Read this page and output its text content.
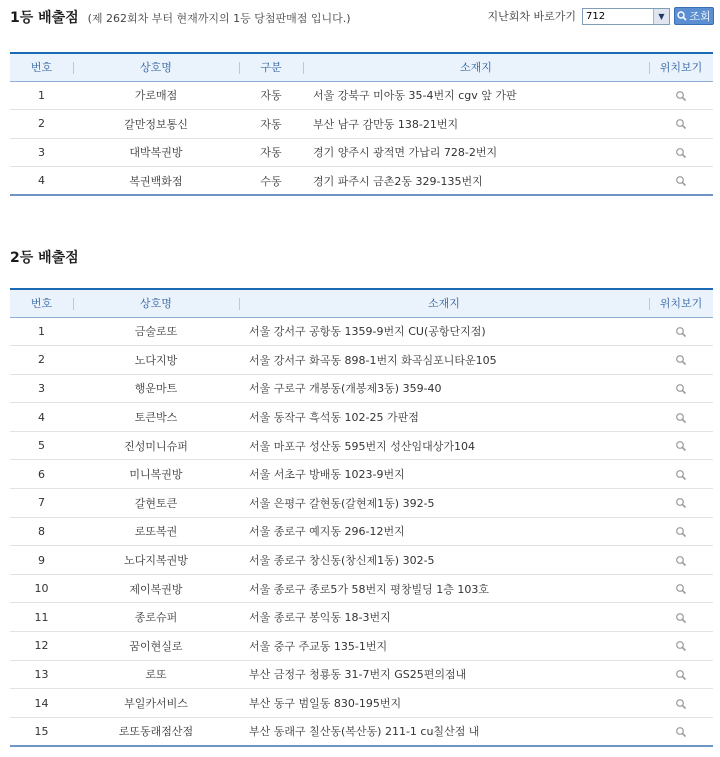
1등 배출점 (제 262회차 부터 현재까지의 1등 당첨판매점 입니다.)	지난회차 바로가기	712	▼	조회
번호	상호명	구분	소재지	위치보기
1	가로매점	자동	서울 강북구 미아동 35-4번지 cgv 앞 가판	
2	갈만정보통신	자동	부산 남구 감만동 138-21번지	
3	대박복권방	자동	경기 양주시 광적면 가납리 728-2번지	
4	복권백화점	수동	경기 파주시 금촌2동 329-135번지	
2등 배출점
번호	상호명	소재지	위치보기
1	금술로또	서울 강서구 공항동 1359-9번지 CU(공항단지점)	
2	노다지방	서울 강서구 화곡동 898-1번지 화곡심포니타운105	
3	행운마트	서울 구로구 개봉동(개봉제3동) 359-40	
4	토큰박스	서울 동작구 흑석동 102-25 가판점	
5	진성미니슈퍼	서울 마포구 성산동 595번지 성산임대상가104	
6	미니복권방	서울 서초구 방배동 1023-9번지	
7	갈현토큰	서울 은평구 갈현동(갈현제1동) 392-5	
8	로또복권	서울 종로구 예지동 296-12번지	
9	노다지복권방	서울 종로구 창신동(창신제1동) 302-5	
10	제이복권방	서울 종로구 종로5가 58번지 평창빌딩 1층 103호	
11	종로슈퍼	서울 종로구 봉익동 18-3번지	
12	꿈이현실로	서울 중구 주교동 135-1번지	
13	로또	부산 금정구 청룡동 31-7번지 GS25편의점내	
14	부일카서비스	부산 동구 범일동 830-195번지	
15	로또동래점산점	부산 동래구 칠산동(복산동) 211-1 cu칠산점 내	
